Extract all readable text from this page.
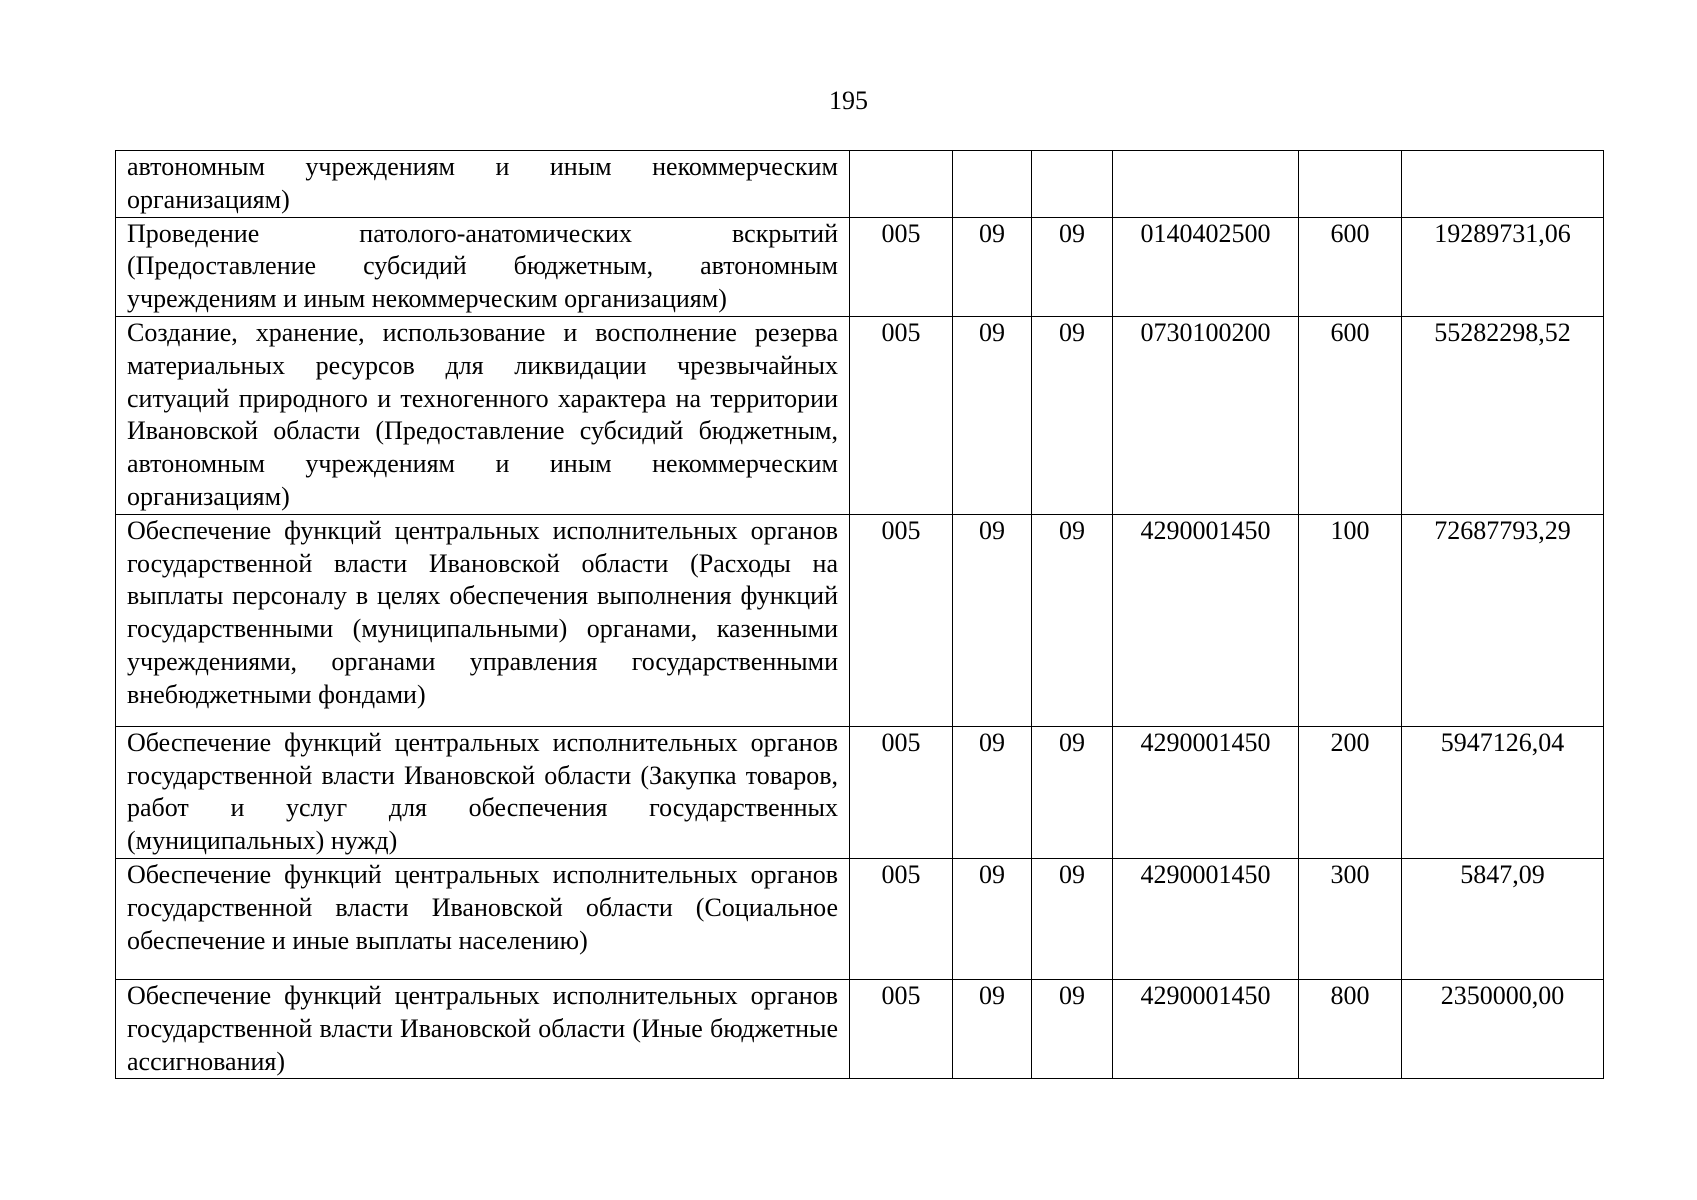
195
автономным учреждениям и иным некоммерческим организациям)						
Проведение патолого-анатомических вскрытий (Предоставление субсидий бюджетным, автономным учреждениям и иным некоммерческим организациям)	005	09	09	0140402500	600	19289731,06
Создание, хранение, использование и восполнение резерва материальных ресурсов для ликвидации чрезвычайных ситуаций природного и техногенного характера на территории Ивановской области (Предоставление субсидий бюджетным, автономным учреждениям и иным некоммерческим организациям)	005	09	09	0730100200	600	55282298,52
Обеспечение функций центральных исполнительных органов государственной власти Ивановской области (Расходы на выплаты персоналу в целях обеспечения выполнения функций государственными (муниципальными) органами, казенными учреждениями, органами управления государственными внебюджетными фондами)	005	09	09	4290001450	100	72687793,29
Обеспечение функций центральных исполнительных органов государственной власти Ивановской области (Закупка товаров, работ и услуг для обеспечения государственных (муниципальных) нужд)	005	09	09	4290001450	200	5947126,04
Обеспечение функций центральных исполнительных органов государственной власти Ивановской области (Социальное обеспечение и иные выплаты населению)	005	09	09	4290001450	300	5847,09
Обеспечение функций центральных исполнительных органов государственной власти Ивановской области (Иные бюджетные ассигнования)	005	09	09	4290001450	800	2350000,00
